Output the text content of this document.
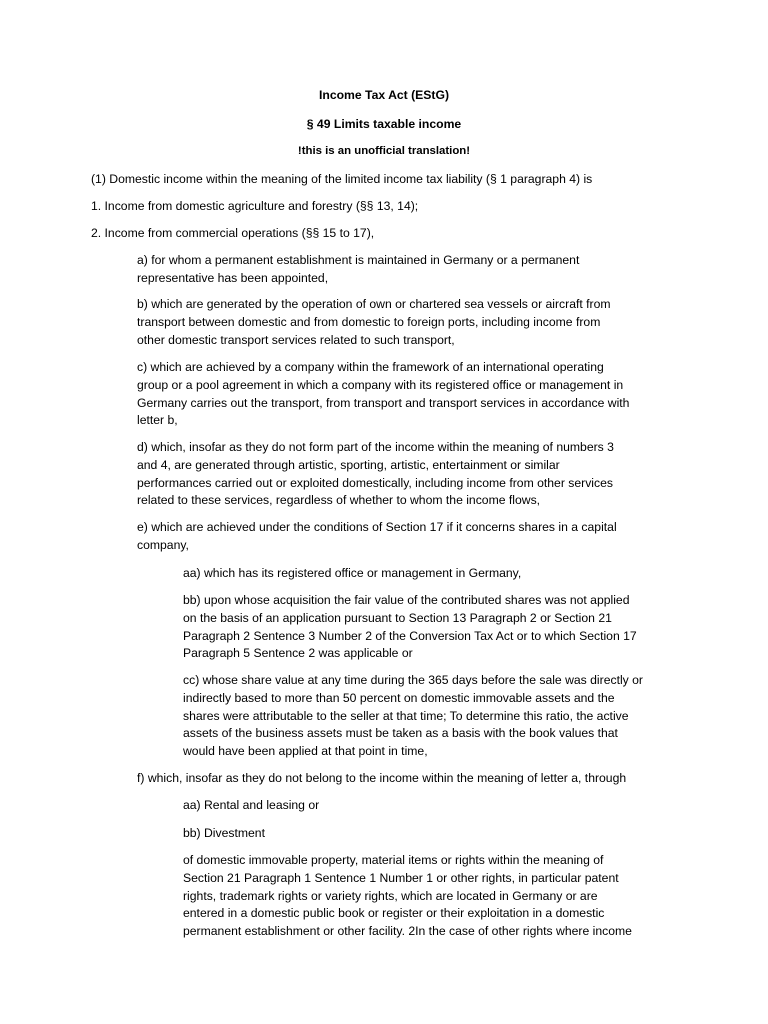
Income Tax Act (EStG)

§ 49 Limits taxable income

!this is an unofficial translation!

(1) Domestic income within the meaning of the limited income tax liability (§ 1 paragraph 4) is

1. Income from domestic agriculture and forestry (§§ 13, 14);

2. Income from commercial operations (§§ 15 to 17),

a) for whom a permanent establishment is maintained in Germany or a permanent
representative has been appointed,
b) which are generated by the operation of own or chartered sea vessels or aircraft from
transport between domestic and from domestic to foreign ports, including income from
other domestic transport services related to such transport,
c) which are achieved by a company within the framework of an international operating
group or a pool agreement in which a company with its registered office or management in
Germany carries out the transport, from transport and transport services in accordance with
letter b,
d) which, insofar as they do not form part of the income within the meaning of numbers 3
and 4, are generated through artistic, sporting, artistic, entertainment or similar
performances carried out or exploited domestically, including income from other services
related to these services, regardless of whether to whom the income flows,
e) which are achieved under the conditions of Section 17 if it concerns shares in a capital
company,
aa) which has its registered office or management in Germany,
bb) upon whose acquisition the fair value of the contributed shares was not applied
on the basis of an application pursuant to Section 13 Paragraph 2 or Section 21
Paragraph 2 Sentence 3 Number 2 of the Conversion Tax Act or to which Section 17
Paragraph 5 Sentence 2 was applicable or
cc) whose share value at any time during the 365 days before the sale was directly or
indirectly based to more than 50 percent on domestic immovable assets and the
shares were attributable to the seller at that time; To determine this ratio, the active
assets of the business assets must be taken as a basis with the book values that
would have been applied at that point in time,
f) which, insofar as they do not belong to the income within the meaning of letter a, through
aa) Rental and leasing or
bb) Divestment
of domestic immovable property, material items or rights within the meaning of
Section 21 Paragraph 1 Sentence 1 Number 1 or other rights, in particular patent
rights, trademark rights or variety rights, which are located in Germany or are
entered in a domestic public book or register or their exploitation in a domestic
permanent establishment or other facility. 2In the case of other rights where income
